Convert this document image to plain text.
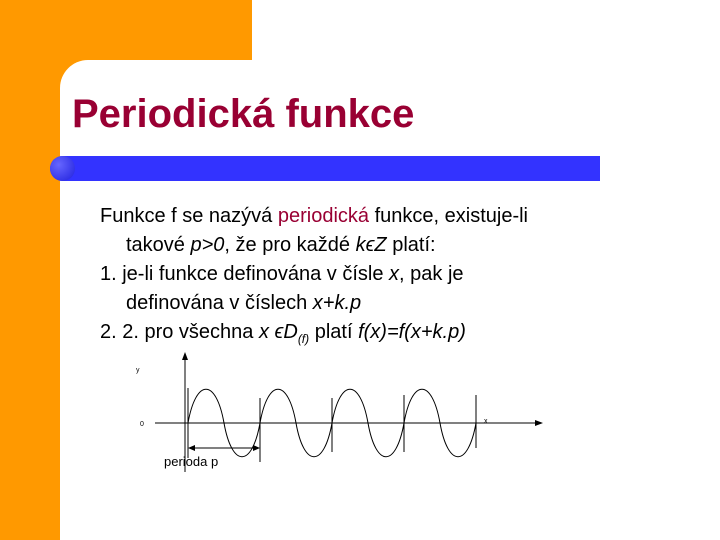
Periodická funkce
Funkce f se nazývá periodická funkce, existuje-li
takové p>0, že pro každé kϵZ platí:
1. je-li funkce definována v čísle x, pak je
definována v číslech x+k.p
2. 2. pro všechna x $\epsilon D_{(f)}$ platí f(x)=f(x+k.p)
y
0	x
perioda p
